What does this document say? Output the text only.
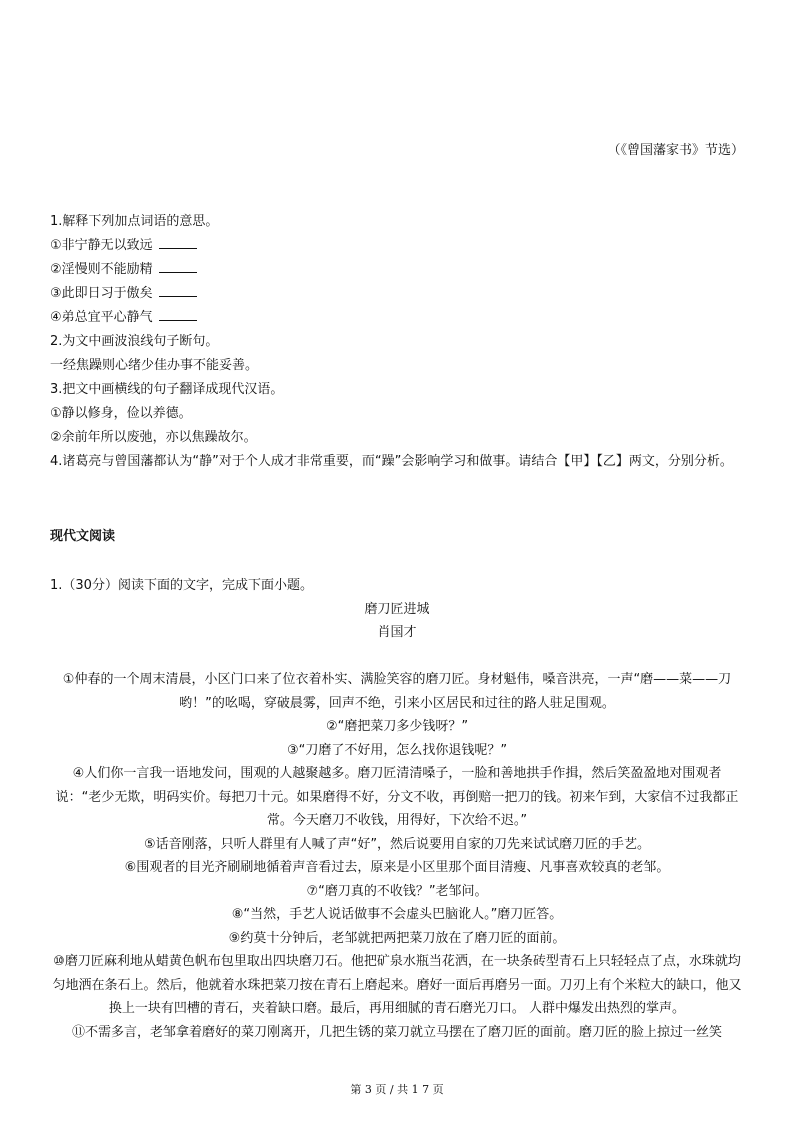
（《曾国藩家书》节选）
1.解释下列加点词语的意思。
①非宁静无以致远
②淫慢则不能励精
③此即日习于傲矣
④弟总宜平心静气
2.为文中画波浪线句子断句。
一经焦躁则心绪少佳办事不能妥善。
3.把文中画横线的句子翻译成现代汉语。
①静以修身，俭以养德。
②余前年所以废弛，亦以焦躁故尔。
4.诸葛亮与曾国藩都认为“静”对于个人成才非常重要，而“躁”会影响学习和做事。请结合【甲】【乙】两文，分别分析。
现代文阅读
1.（30分）阅读下面的文字，完成下面小题。
磨刀匠进城
肖国才
①仲春的一个周末清晨，小区门口来了位衣着朴实、满脸笑容的磨刀匠。身材魁伟，嗓音洪亮，一声“磨——菜——刀哟！”的吆喝，穿破晨雾，回声不绝，引来小区居民和过往的路人驻足围观。
②“磨把菜刀多少钱呀？”
③“刀磨了不好用，怎么找你退钱呢？”
④人们你一言我一语地发问，围观的人越聚越多。磨刀匠清清嗓子，一脸和善地拱手作揖，然后笑盈盈地对围观者说：“老少无欺，明码实价。每把刀十元。如果磨得不好，分文不收，再倒赔一把刀的钱。初来乍到，大家信不过我都正常。今天磨刀不收钱，用得好，下次给不迟。”
⑤话音刚落，只听人群里有人喊了声“好”，然后说要用自家的刀先来试试磨刀匠的手艺。
⑥围观者的目光齐刷刷地循着声音看过去，原来是小区里那个面目清瘦、凡事喜欢较真的老邹。
⑦“磨刀真的不收钱？”老邹问。
⑧“当然，手艺人说话做事不会虚头巴脑讹人。”磨刀匠答。
⑨约莫十分钟后，老邹就把两把菜刀放在了磨刀匠的面前。
⑩磨刀匠麻利地从蜡黄色帆布包里取出四块磨刀石。他把矿泉水瓶当花洒，在一块条砖型青石上只轻轻点了点，水珠就均匀地洒在条石上。然后，他就着水珠把菜刀按在青石上磨起来。磨好一面后再磨另一面。刀刃上有个米粒大的缺口，他又换上一块有凹槽的青石，夹着缺口磨。最后，再用细腻的青石磨光刀口。 人群中爆发出热烈的掌声。
⑪不需多言，老邹拿着磨好的菜刀刚离开，几把生锈的菜刀就立马摆在了磨刀匠的面前。磨刀匠的脸上掠过一丝笑
第 3 页 / 共 1 7 页
